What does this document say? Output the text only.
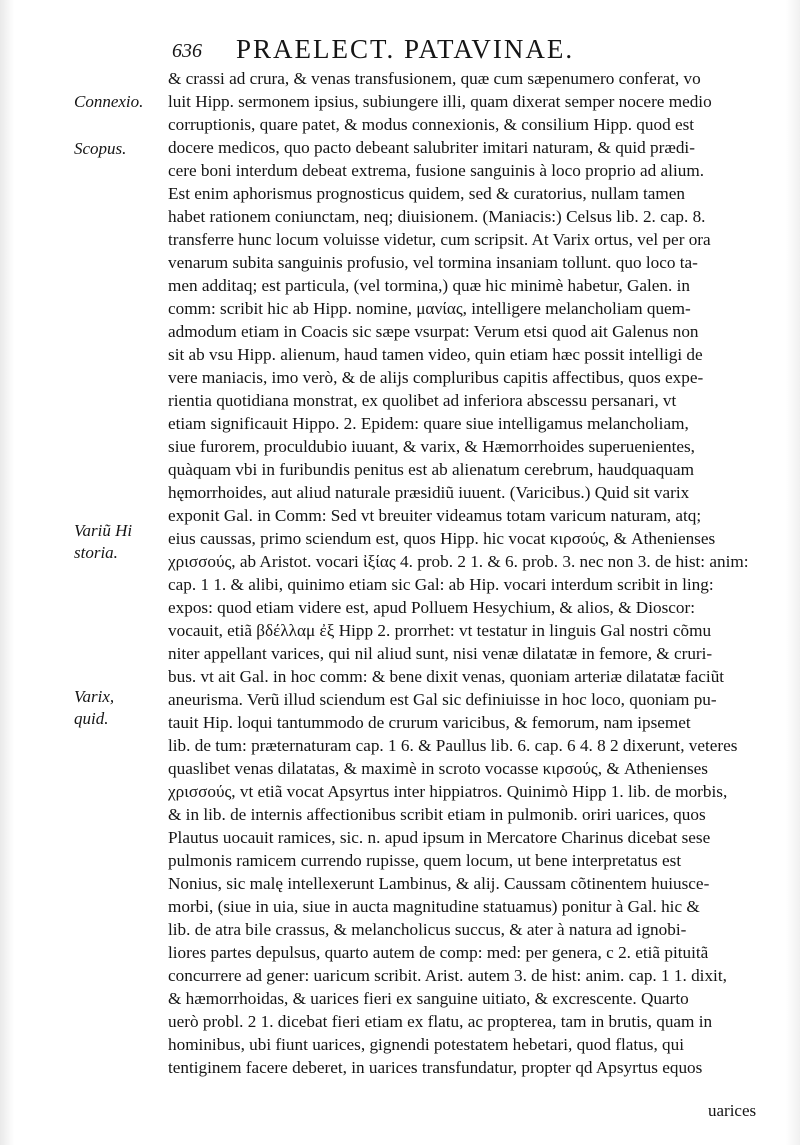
636 PRAELECT. PATAVINAE.
Connexio.
Scopus.
Variũ Hi
storia.
Varix,
quid.
& crassi ad crura, & venas transfusionem, quæ cum sæpenumero conferat, vo
luit Hipp. sermonem ipsius, subiungere illi, quam dixerat semper nocere medio
corruptionis, quare patet, & modus connexionis, & consilium Hipp. quod est
docere medicos, quo pacto debeant salubriter imitari naturam, & quid prædi-
cere boni interdum debeat extrema, fusione sanguinis à loco proprio ad alium.
Est enim aphorismus prognosticus quidem, sed & curatorius, nullam tamen
habet rationem coniunctam, neq; diuisionem. (Maniacis:) Celsus lib. 2. cap. 8.
transferre hunc locum voluisse videtur, cum scripsit. At Varix ortus, vel per ora
venarum subita sanguinis profusio, vel tormina insaniam tollunt. quo loco ta-
men additaq; est particula, (vel tormina,) quæ hic minimè habetur, Galen. in
comm: scribit hic ab Hipp. nomine, μανίας, intelligere melancholiam quem-
admodum etiam in Coacis sic sæpe vsurpat: Verum etsi quod ait Galenus non
sit ab vsu Hipp. alienum, haud tamen video, quin etiam hæc possit intelligi de
vere maniacis, imo verò, & de alijs compluribus capitis affectibus, quos expe-
rientia quotidiana monstrat, ex quolibet ad inferiora abscessu persanari, vt
etiam significauit Hippo. 2. Epidem: quare siue intelligamus melancholiam,
siue furorem, proculdubio iuuant, & varix, & Hæmorrhoides superuenientes,
quàquam vbi in furibundis penitus est ab alienatum cerebrum, haudquaquam
hęmorrhoides, aut aliud naturale præsidiũ iuuent. (Varicibus.) Quid sit varix
exponit Gal. in Comm: Sed vt breuiter videamus totam varicum naturam, atq;
eius caussas, primo sciendum est, quos Hipp. hic vocat κιρσούς, & Athenienses
χρισσούς, ab Aristot. vocari ἰξίας 4. prob. 2 1. & 6. prob. 3. nec non 3. de hist: anim:
cap. 1 1. & alibi, quinimo etiam sic Gal: ab Hip. vocari interdum scribit in ling:
expos: quod etiam videre est, apud Polluem Hesychium, & alios, & Dioscor:
vocauit, etiã βδέλλαμ ἐξ Hipp 2. prorrhet: vt testatur in linguis Gal nostri cõmu
niter appellant varices, qui nil aliud sunt, nisi venæ dilatatæ in femore, & cruri-
bus. vt ait Gal. in hoc comm: & bene dixit venas, quoniam arteriæ dilatatæ faciũt
aneurisma. Verũ illud sciendum est Gal sic definiuisse in hoc loco, quoniam pu-
tauit Hip. loqui tantummodo de crurum varicibus, & femorum, nam ipsemet
lib. de tum: præternaturam cap. 1 6. & Paullus lib. 6. cap. 6 4. 8 2 dixerunt, veteres
quaslibet venas dilatatas, & maximè in scroto vocasse κιρσούς, & Athenienses
χρισσούς, vt etiã vocat Apsyrtus inter hippiatros. Quinimò Hipp 1. lib. de morbis,
& in lib. de internis affectionibus scribit etiam in pulmonib. oriri uarices, quos
Plautus uocauit ramices, sic. n. apud ipsum in Mercatore Charinus dicebat sese
pulmonis ramicem currendo rupisse, quem locum, ut bene interpretatus est
Nonius, sic malę intellexerunt Lambinus, & alij. Caussam cõtinentem huiusce-
morbi, (siue in uia, siue in aucta magnitudine statuamus) ponitur à Gal. hic &
lib. de atra bile crassus, & melancholicus succus, & ater à natura ad ignobi-
liores partes depulsus, quarto autem de comp: med: per genera, c 2. etiã pituitã
concurrere ad gener: uaricum scribit. Arist. autem 3. de hist: anim. cap. 1 1. dixit,
& hæmorrhoidas, & uarices fieri ex sanguine uitiato, & excrescente. Quarto
uerò probl. 2 1. dicebat fieri etiam ex flatu, ac propterea, tam in brutis, quam in
hominibus, ubi fiunt uarices, gignendi potestatem hebetari, quod flatus, qui
tentiginem facere deberet, in uarices transfundatur, propter qd Apsyrtus equos
uarices
